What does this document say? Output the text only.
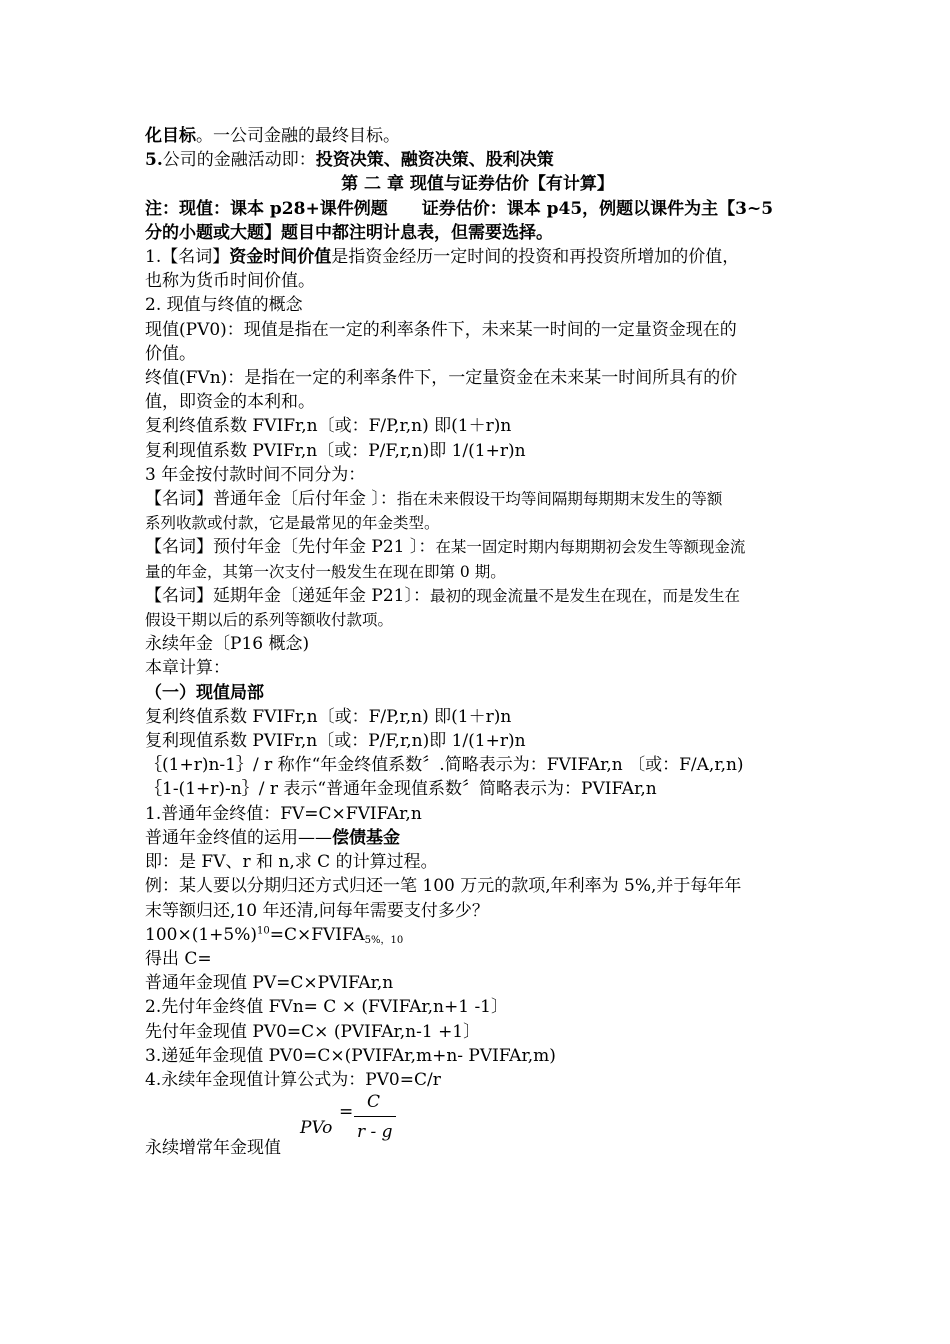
化目标。一公司金融的最终目标。
5.公司的金融活动即：投资决策、融资决策、股利决策
第 二 章 现值与证券估价【有计算】
注：现值：课本 p28+课件例题 证券估价：课本 p45，例题以课件为主【3~5
分的小题或大题】题目中都注明计息表，但需要选择。
1.【名词】资金时间价值是指资金经历一定时间的投资和再投资所增加的价值，
也称为货币时间价值。
2. 现值与终值的概念
现值(PV0)：现值是指在一定的利率条件下，未来某一时间的一定量资金现在的
价值。
终值(FVn)：是指在一定的利率条件下，一定量资金在未来某一时间所具有的价
值，即资金的本利和。
复利终值系数 FVIFr,n〔或：F/P,r,n) 即(1＋r)n
复利现值系数 PVIFr,n〔或：P/F,r,n)即 1/(1+r)n
3 年金按付款时间不同分为：
【名词】普通年金〔后付年金 〕：指在未来假设干均等间隔期每期期末发生的等额
系列收款或付款，它是最常见的年金类型。
【名词】预付年金〔先付年金 P21 〕：在某一固定时期内每期期初会发生等额现金流
量的年金，其第一次支付一般发生在现在即第 0 期。
【名词】延期年金〔递延年金 P21〕：最初的现金流量不是发生在现在，而是发生在
假设干期以后的系列等额收付款项。
永续年金〔P16 概念)
本章计算：
（一）现值局部
复利终值系数 FVIFr,n〔或：F/P,r,n) 即(1＋r)n
复利现值系数 PVIFr,n〔或：P/F,r,n)即 1/(1+r)n
｛(1+r)n-1｝/ r 称作“年金终值系数〞.简略表示为：FVIFAr,n 〔或：F/A,r,n)
｛1-(1+r)-n｝/ r 表示“普通年金现值系数〞简略表示为：PVIFAr,n
1.普通年金终值：FV=C×FVIFAr,n
普通年金终值的运用——偿债基金
即：是 FV、r 和 n,求 C 的计算过程。
例：某人要以分期归还方式归还一笔 100 万元的款项,年利率为 5%,并于每年年
末等额归还,10 年还清,问每年需要支付多少？
$100\times(1+5\%)^{10}=C\times FVIFA_{5\%,10}$
得出 C=
普通年金现值 PV=C×PVIFAr,n
2.先付年金终值 FVn= C × (FVIFAr,n+1 -1〕
先付年金现值 PV0=C× (PVIFAr,n-1 +1〕
3.递延年金现值 PV0=C×(PVIFAr,m+n- PVIFAr,m)
4.永续年金现值计算公式为：PV0=C/r
永续增常年金现值
PVo
= C
r - g
